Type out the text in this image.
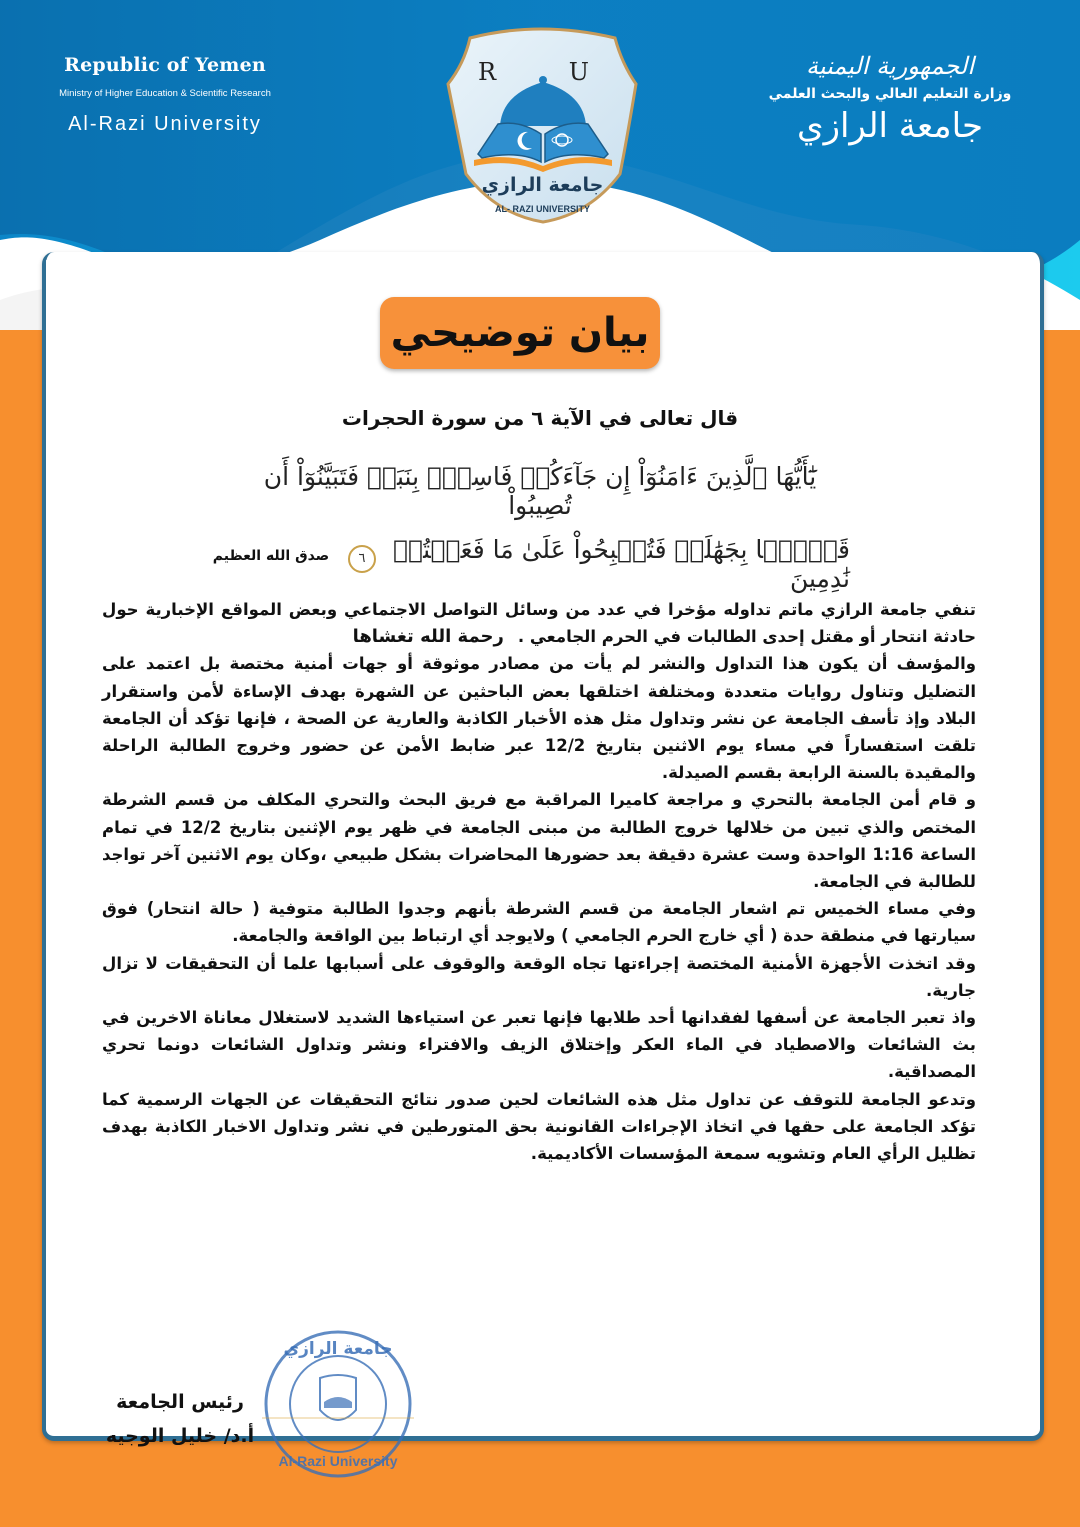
Republic of Yemen
Ministry of Higher Education & Scientific Research
Al-Razi University
الجمهورية اليمنية
وزارة التعليم العالي والبحث العلمي
جامعة الرازي
R	U
جامعة الرازي
AL- RAZI UNIVERSITY
بيان توضيحي
قال تعالى في الآية ٦ من سورة الحجرات
يَٰٓأَيُّهَا ٱلَّذِينَ ءَامَنُوٓاْ إِن جَآءَكُمۡ فَاسِقُۢ بِنَبَإٖ فَتَبَيَّنُوٓاْ أَن تُصِيبُواْ
قَوۡمَۢا بِجَهَٰلَةٖ فَتُصۡبِحُواْ عَلَىٰ مَا فَعَلۡتُمۡ نَٰدِمِينَ
٦
صدق الله العظيم

تنفي جامعة الرازي ماتم تداوله مؤخرا في عدد من وسائل التواصل الاجتماعي وبعض المواقع الإخبارية حول حادثة انتحار أو مقتل إحدى الطالبات في الحرم الجامعي .رحمة الله تغشاها

والمؤسف أن يكون هذا التداول والنشر لم يأت من مصادر موثوقة أو جهات أمنية مختصة بل اعتمد على التضليل وتناول روايات متعددة ومختلفة اختلقها بعض الباحثين عن الشهرة بهدف الإساءة لأمن واستقرار البلاد وإذ تأسف الجامعة عن نشر وتداول مثل هذه الأخبار الكاذبة والعارية عن الصحة ، فإنها تؤكد أن الجامعة تلقت استفساراً في مساء يوم الاثنين بتاريخ 12/2 عبر ضابط الأمن عن حضور وخروج الطالبة الراحلة والمقيدة بالسنة الرابعة بقسم الصيدلة.

و قام أمن الجامعة بالتحري و مراجعة كاميرا المراقبة مع فريق البحث والتحري المكلف من قسم الشرطة المختص والذي تبين من خلالها خروج الطالبة من مبنى الجامعة في ظهر يوم الإثنين بتاريخ 12/2 في تمام الساعة 1:16 الواحدة وست عشرة دقيقة بعد حضورها المحاضرات بشكل طبيعي ،وكان يوم الاثنين آخر تواجد للطالبة في الجامعة.

وفي مساء الخميس تم اشعار الجامعة من قسم الشرطة بأنهم وجدوا الطالبة متوفية ( حالة انتحار) فوق سيارتها في منطقة حدة ( أي خارج الحرم الجامعي ) ولايوجد أي ارتباط بين الواقعة والجامعة.

وقد اتخذت الأجهزة الأمنية المختصة إجراءتها تجاه الوقعة والوقوف على أسبابها علما أن التحقيقات لا تزال جارية.

واذ تعبر الجامعة عن أسفها لفقدانها أحد طلابها فإنها تعبر عن استياءها الشديد لاستغلال معاناة الاخرين في بث الشائعات والاصطياد في الماء العكر وإختلاق الزيف والافتراء ونشر وتداول الشائعات دونما تحري المصداقية.

وتدعو الجامعة للتوقف عن تداول مثل هذه الشائعات لحين صدور نتائج التحقيقات عن الجهات الرسمية كما تؤكد الجامعة على حقها في اتخاذ الإجراءات القانونية بحق المتورطين في نشر وتداول الاخبار الكاذبة بهدف تظليل الرأي العام وتشويه سمعة المؤسسات الأكاديمية.

رئيس الجامعة
أ.د/ خليل الوجيه
جامعة الرازي
Al-Razi University
